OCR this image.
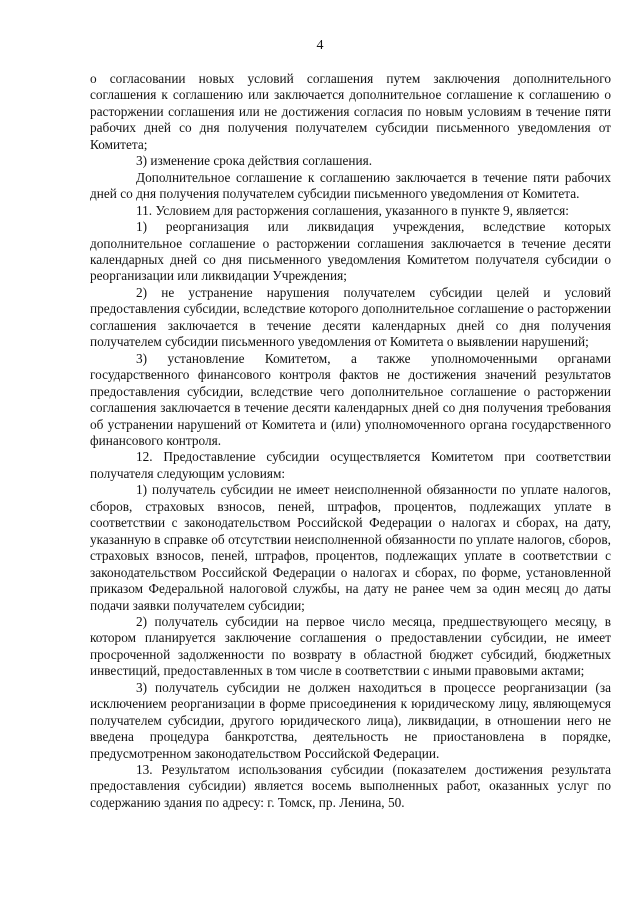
4

о согласовании новых условий соглашения путем заключения дополнительного соглашения к соглашению или заключается дополнительное соглашение к соглашению о расторжении соглашения или не достижения согласия по новым условиям в течение пяти рабочих дней со дня получения получателем субсидии письменного уведомления от Комитета;

3) изменение срока действия соглашения.

Дополнительное соглашение к соглашению заключается в течение пяти рабочих дней со дня получения получателем субсидии письменного уведомления от Комитета.

11. Условием для расторжения соглашения, указанного в пункте 9, является:

1) реорганизация или ликвидация учреждения, вследствие которых дополнительное соглашение о расторжении соглашения заключается в течение десяти календарных дней со дня письменного уведомления Комитетом получателя субсидии о реорганизации или ликвидации Учреждения;

2) не устранение нарушения получателем субсидии целей и условий предоставления субсидии, вследствие которого дополнительное соглашение о расторжении соглашения заключается в течение десяти календарных дней со дня получения получателем субсидии письменного уведомления от Комитета о выявлении нарушений;

3) установление Комитетом, а также уполномоченными органами государственного финансового контроля фактов не достижения значений результатов предоставления субсидии, вследствие чего дополнительное соглашение о расторжении соглашения заключается в течение десяти календарных дней со дня получения требования об устранении нарушений от Комитета и (или) уполномоченного органа государственного финансового контроля.

12. Предоставление субсидии осуществляется Комитетом при соответствии получателя следующим условиям:

1) получатель субсидии не имеет неисполненной обязанности по уплате налогов, сборов, страховых взносов, пеней, штрафов, процентов, подлежащих уплате в соответствии с законодательством Российской Федерации о налогах и сборах, на дату, указанную в справке об отсутствии неисполненной обязанности по уплате налогов, сборов, страховых взносов, пеней, штрафов, процентов, подлежащих уплате в соответствии с законодательством Российской Федерации о налогах и сборах, по форме, установленной приказом Федеральной налоговой службы, на дату не ранее чем за один месяц до даты подачи заявки получателем субсидии;

2) получатель субсидии на первое число месяца, предшествующего месяцу, в котором планируется заключение соглашения о предоставлении субсидии, не имеет просроченной задолженности по возврату в областной бюджет субсидий, бюджетных инвестиций, предоставленных в том числе в соответствии с иными правовыми актами;

3) получатель субсидии не должен находиться в процессе реорганизации (за исключением реорганизации в форме присоединения к юридическому лицу, являющемуся получателем субсидии, другого юридического лица), ликвидации, в отношении него не введена процедура банкротства, деятельность не приостановлена в порядке, предусмотренном законодательством Российской Федерации.

13. Результатом использования субсидии (показателем достижения результата предоставления субсидии) является восемь выполненных работ, оказанных услуг по содержанию здания по адресу: г. Томск, пр. Ленина, 50.
